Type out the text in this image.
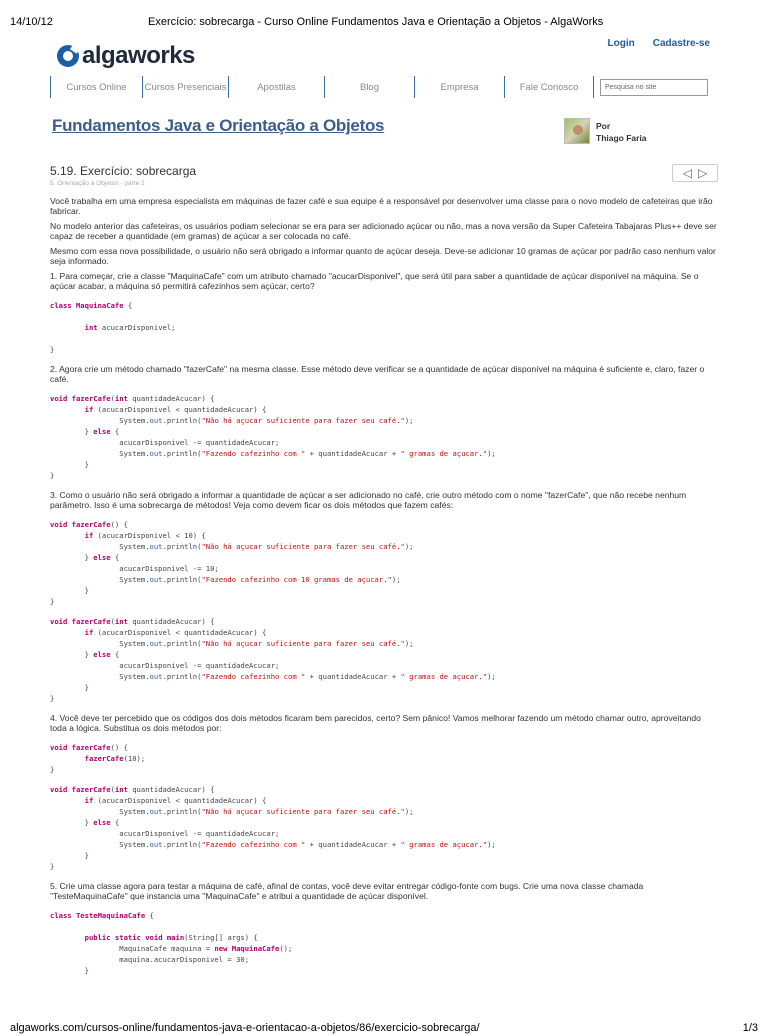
14/10/12	Exercício: sobrecarga - Curso Online Fundamentos Java e Orientação a Objetos - AlgaWorks
algaworks	Login Cadastre-se
Cursos Online	Cursos Presenciais	Apostilas	Blog	Empresa	Fale Conosco	Pesquisa no site
Fundamentos Java e Orientação a Objetos	Por
Thiago Faria
5.19. Exercício: sobrecarga
5. Orientação a Objetos - parte 2
◁ ▷

Você trabalha em uma empresa especialista em máquinas de fazer café e sua equipe é a responsável por desenvolver uma classe para o novo modelo de cafeteiras que irão fabricar.

No modelo anterior das cafeteiras, os usuários podiam selecionar se era para ser adicionado açúcar ou não, mas a nova versão da Super Cafeteira Tabajaras Plus++ deve ser capaz de receber a quantidade (em gramas) de açúcar a ser colocada no café.

Mesmo com essa nova possibilidade, o usuário não será obrigado a informar quanto de açúcar deseja. Deve-se adicionar 10 gramas de açúcar por padrão caso nenhum valor seja informado.

1. Para começar, crie a classe "MaquinaCafe" com um atributo chamado "acucarDisponivel", que será útil para saber a quantidade de açúcar disponível na máquina. Se o açúcar acabar, a máquina só permitirá cafezinhos sem açúcar, certo?

class MaquinaCafe {

int acucarDisponivel;

}

2. Agora crie um método chamado "fazerCafe" na mesma classe. Esse método deve verificar se a quantidade de açúcar disponível na máquina é suficiente e, claro, fazer o café.

void fazerCafe(int quantidadeAcucar) {
if (acucarDisponivel < quantidadeAcucar) {
System.out.println("Não há açucar suficiente para fazer seu café.");
} else {
acucarDisponivel -= quantidadeAcucar;
System.out.println("Fazendo cafezinho com " + quantidadeAcucar + " gramas de açucar.");
}
}

3. Como o usuário não será obrigado a informar a quantidade de açúcar a ser adicionado no café, crie outro método com o nome "fazerCafe", que não recebe nenhum parâmetro. Isso é uma sobrecarga de métodos! Veja como devem ficar os dois métodos que fazem cafés:

void fazerCafe() {
if (acucarDisponivel < 10) {
System.out.println("Não há açucar suficiente para fazer seu café.");
} else {
acucarDisponivel -= 10;
System.out.println("Fazendo cafezinho com 10 gramas de açucar.");
}
}
void fazerCafe(int quantidadeAcucar) {
if (acucarDisponivel < quantidadeAcucar) {
System.out.println("Não há açucar suficiente para fazer seu café.");
} else {
acucarDisponivel -= quantidadeAcucar;
System.out.println("Fazendo cafezinho com " + quantidadeAcucar + " gramas de açucar.");
}
}

4. Você deve ter percebido que os códigos dos dois métodos ficaram bem parecidos, certo? Sem pânico! Vamos melhorar fazendo um método chamar outro, aproveitando toda a lógica. Substitua os dois métodos por:

void fazerCafe() {
fazerCafe(10);
}
void fazerCafe(int quantidadeAcucar) {
if (acucarDisponivel < quantidadeAcucar) {
System.out.println("Não há açucar suficiente para fazer seu café.");
} else {
acucarDisponivel -= quantidadeAcucar;
System.out.println("Fazendo cafezinho com " + quantidadeAcucar + " gramas de açucar.");
}
}

5. Crie uma classe agora para testar a máquina de café, afinal de contas, você deve evitar entregar código-fonte com bugs. Crie uma nova classe chamada "TesteMaquinaCafe" que instancia uma "MaquinaCafe" e atribui a quantidade de açúcar disponível.

class TesteMaquinaCafe {

public static void main(String[] args) {
MaquinaCafe maquina = new MaquinaCafe();
maquina.acucarDisponivel = 30;
}
algaworks.com/cursos-online/fundamentos-java-e-orientacao-a-objetos/86/exercicio-sobrecarga/	1/3
